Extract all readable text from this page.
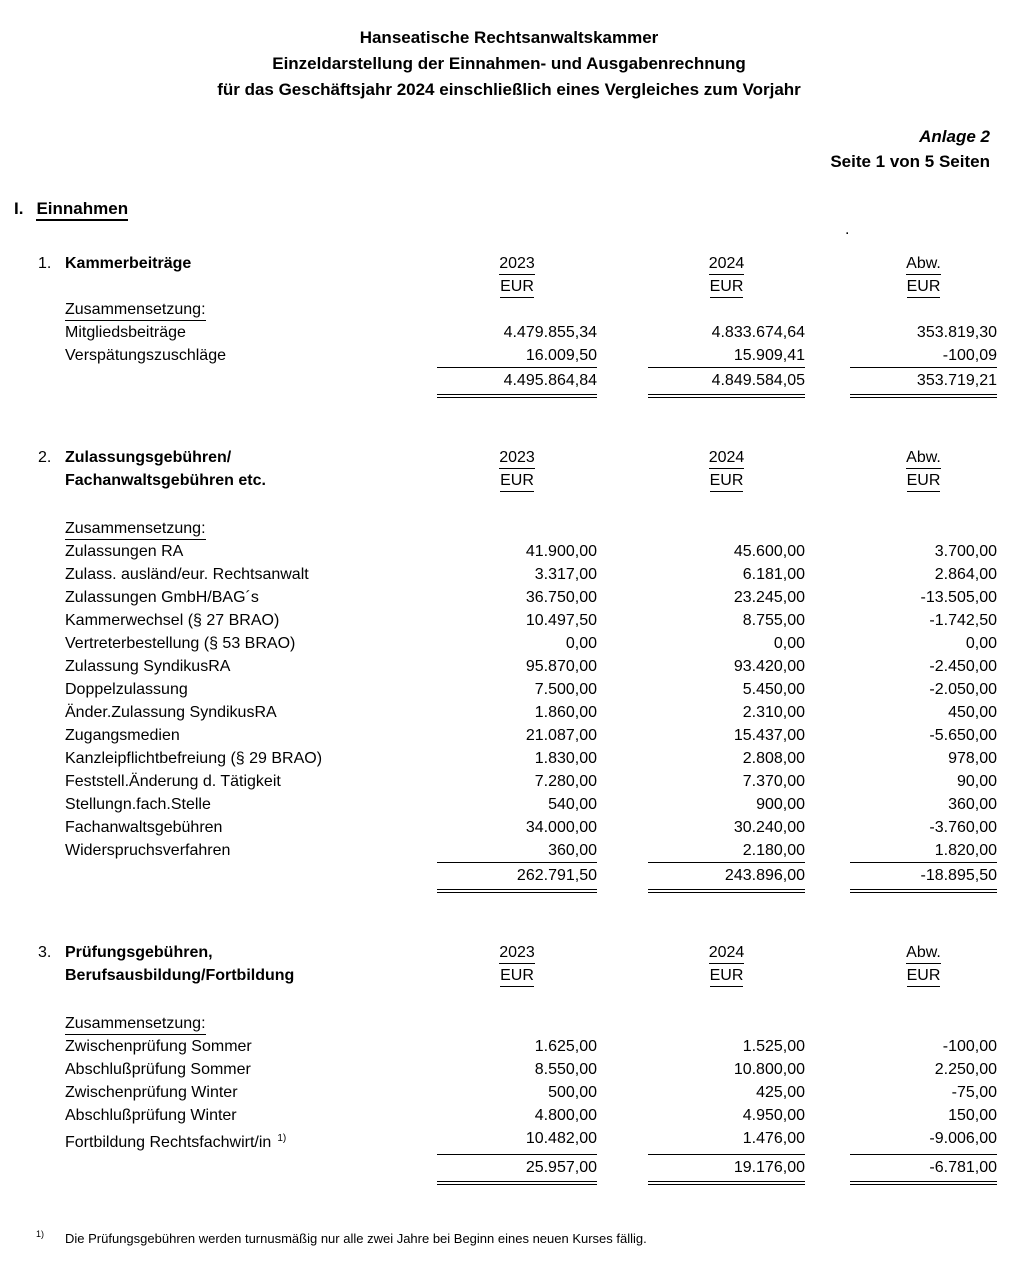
Hanseatische Rechtsanwaltskammer
Einzeldarstellung der Einnahmen- und Ausgabenrechnung
für das Geschäftsjahr 2024 einschließlich eines Vergleiches zum Vorjahr
Anlage 2
Seite 1 von 5 Seiten
I. Einnahmen
.
1. Kammerbeiträge	2023	2024	Abw.
EUR	EUR	EUR
Zusammensetzung:
Mitgliedsbeiträge	4.479.855,34	4.833.674,64	353.819,30
Verspätungszuschläge	16.009,50	15.909,41	-100,09
4.495.864,84	4.849.584,05	353.719,21
2. Zulassungsgebühren/	2023	2024	Abw.
Fachanwaltsgebühren etc.	EUR	EUR	EUR
Zusammensetzung:
Zulassungen RA	41.900,00	45.600,00	3.700,00
Zulass. ausländ/eur. Rechtsanwalt	3.317,00	6.181,00	2.864,00
Zulassungen GmbH/BAG´s	36.750,00	23.245,00	-13.505,00
Kammerwechsel (§ 27 BRAO)	10.497,50	8.755,00	-1.742,50
Vertreterbestellung (§ 53 BRAO)	0,00	0,00	0,00
Zulassung SyndikusRA	95.870,00	93.420,00	-2.450,00
Doppelzulassung	7.500,00	5.450,00	-2.050,00
Änder.Zulassung SyndikusRA	1.860,00	2.310,00	450,00
Zugangsmedien	21.087,00	15.437,00	-5.650,00
Kanzleipflichtbefreiung (§ 29 BRAO)	1.830,00	2.808,00	978,00
Feststell.Änderung d. Tätigkeit	7.280,00	7.370,00	90,00
Stellungn.fach.Stelle	540,00	900,00	360,00
Fachanwaltsgebühren	34.000,00	30.240,00	-3.760,00
Widerspruchsverfahren	360,00	2.180,00	1.820,00
262.791,50	243.896,00	-18.895,50
3. Prüfungsgebühren,	2023	2024	Abw.
Berufsausbildung/Fortbildung	EUR	EUR	EUR
Zusammensetzung:
Zwischenprüfung Sommer	1.625,00	1.525,00	-100,00
Abschlußprüfung Sommer	8.550,00	10.800,00	2.250,00
Zwischenprüfung Winter	500,00	425,00	-75,00
Abschlußprüfung Winter	4.800,00	4.950,00	150,00
Fortbildung Rechtsfachwirt/in $^{1)}$	10.482,00	1.476,00	-9.006,00
25.957,00	19.176,00	-6.781,00
$^{1)}$ Die Prüfungsgebühren werden turnusmäßig nur alle zwei Jahre bei Beginn eines neuen Kurses fällig.
